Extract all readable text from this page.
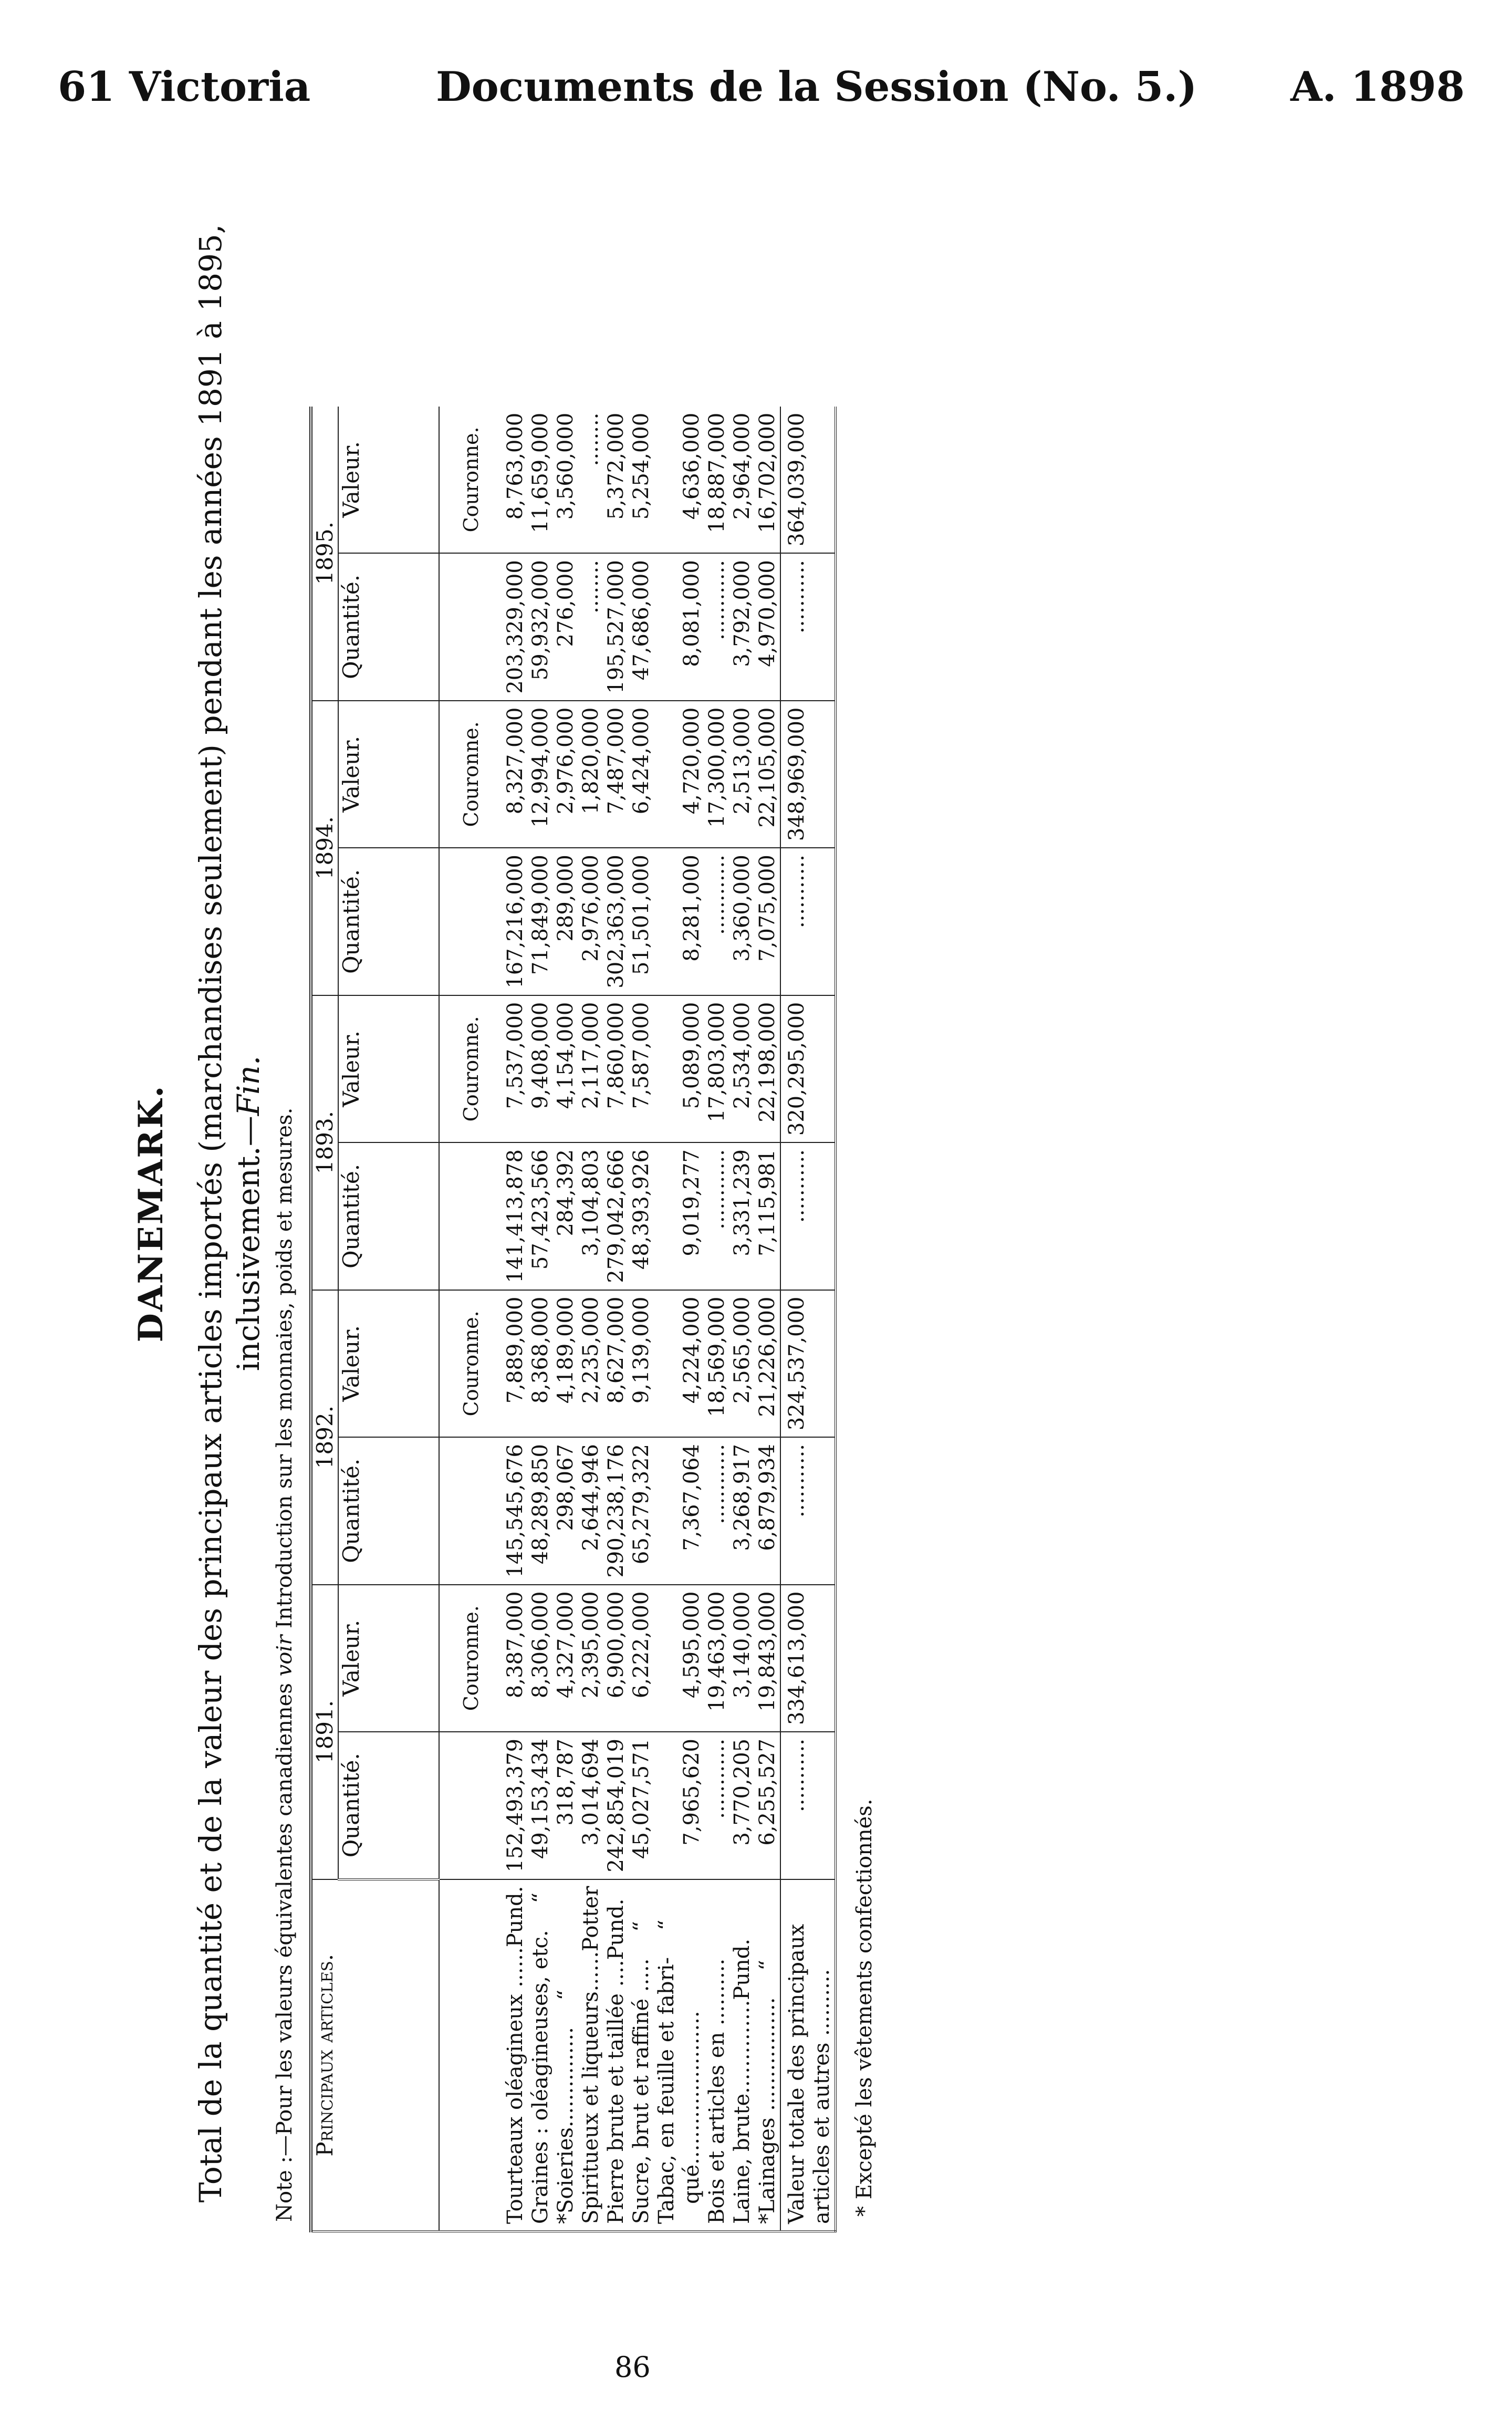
61 Victoria	Documents de la Session (No. 5.) A. 1898

DANEMARK. Total de la quantité et de la valeur des principaux articles importés (marchandises seulement) pendant les années 1891 à 1895,
inclusivement.—Fin.

Note :—Pour les valeurs équivalentes canadiennes voir Introduction sur les monnaies, poids et mesures.

Principaux articles.	1891.		1892.		1893.		1894.		1895.	
	Quantité.	Valeur.	Quantité.	Valeur.	Quantité.	Valeur.	Quantité.	Valeur.	Quantité.	Valeur.
		Couronne.		Couronne.		Couronne.		Couronne.		Couronne.
Tourteaux oléagineux ......Pund.	152,493,379	8,387,000	145,545,676	7,889,000	141,413,878	7,537,000	167,216,000	8,327,000	203,329,000	8,763,000
Graines : oléagineuses, etc.    “	49,153,434	8,306,000	48,289,850	8,368,000	57,423,566	9,408,000	71,849,000	12,994,000	59,932,000	11,659,000
*Soieries...............    “	318,787	4,327,000	298,067	4,189,000	284,392	4,154,000	289,000	2,976,000	276,000	3,560,000
Spiritueux et liqueurs......Potter	3,014,694	2,395,000	2,644,946	2,235,000	3,104,803	2,117,000	2,976,000	1,820,000	........	........
Pierre brute et taillée ....Pund.	242,854,019	6,900,000	290,238,176	8,627,000	279,042,666	7,860,000	302,363,000	7,487,000	195,527,000	5,372,000
Sucre, brut et raffiné .....    “	45,027,571	6,222,000	65,279,322	9,139,000	48,393,926	7,587,000	51,501,000	6,424,000	47,686,000	5,254,000
Tabac, en feuille et fabri-    “										
qué.......................	7,965,620	4,595,000	7,367,064	4,224,000	9,019,277	5,089,000	8,281,000	4,720,000	8,081,000	4,636,000
Bois et articles en ..........	............	19,463,000	............	18,569,000	............	17,803,000	............	17,300,000	............	18,887,000
Laine, brute..............Pund.	3,770,205	3,140,000	3,268,917	2,565,000	3,331,239	2,534,000	3,360,000	2,513,000	3,792,000	2,964,000
*Lainages .................    “	6,255,527	19,843,000	6,879,934	21,226,000	7,115,981	22,198,000	7,075,000	22,105,000	4,970,000	16,702,000
Valeur totale des principaux
articles et autres ..........	...........	334,613,000	...........	324,537,000	...........	320,295,000	...........	348,969,000	...........	364,039,000

* Excepté les vêtements confectionnés.

86
